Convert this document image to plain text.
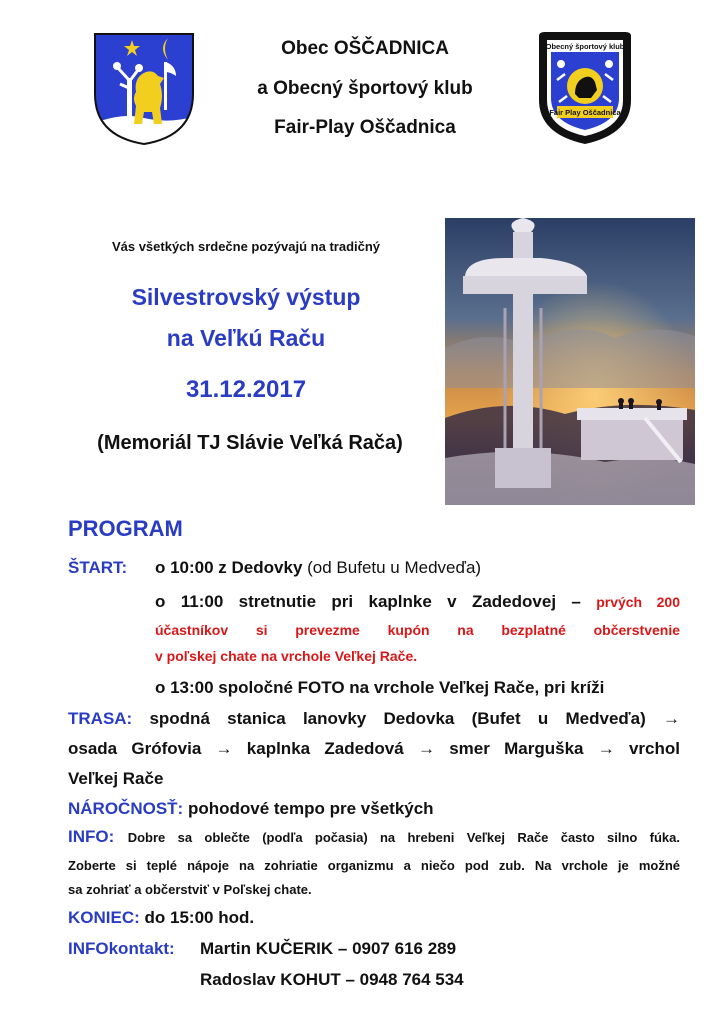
Obec OŠČADNICA
a Obecný športový klub
Fair-Play Oščadnica
Obecný športový klub
Fair Play Oščadnica
Vás všetkých srdečne pozývajú na tradičný
Silvestrovský výstup
na Veľkú Raču
31.12.2017
(Memoriál TJ Slávie Veľká Rača)
PROGRAM
ŠTART: o 10:00 z Dedovky (od Bufetu u Medveďa)
o 11:00 stretnutie pri kaplnke v Zadedovej – prvých 200
účastníkov si prevezme kupón na bezplatné občerstvenie
v poľskej chate na vrchole Veľkej Rače.
o 13:00 spoločné FOTO na vrchole Veľkej Rače, pri kríži
TRASA: spodná stanica lanovky Dedovka (Bufet u Medveďa) →
osada Grófovia → kaplnka Zadedová → smer Marguška → vrchol
Veľkej Rače
NÁROČNOSŤ: pohodové tempo pre všetkých
INFO: Dobre sa oblečte (podľa počasia) na hrebeni Veľkej Rače často silno fúka.
Zoberte si teplé nápoje na zohriatie organizmu a niečo pod zub. Na vrchole je možné
sa zohriať a občerstviť v Poľskej chate.
KONIEC: do 15:00 hod.
INFOkontakt: Martin KUČERIK – 0907 616 289
Radoslav KOHUT – 0948 764 534
